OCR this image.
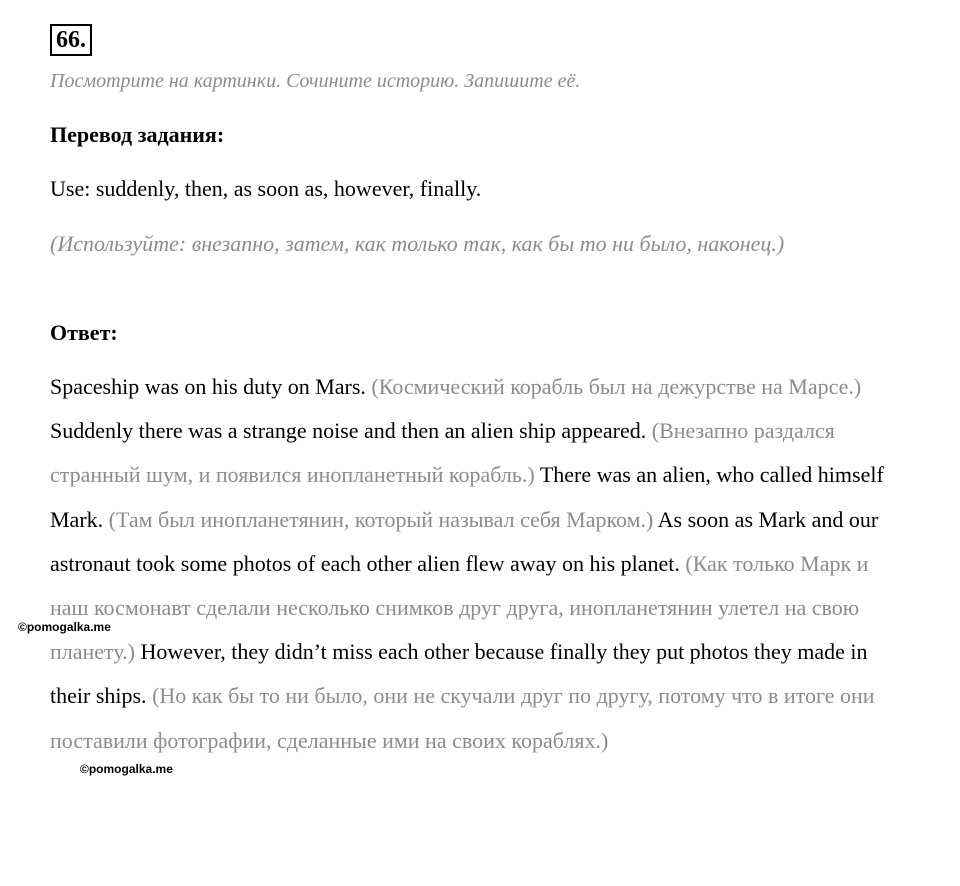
66.
Посмотрите на картинки. Сочините историю. Запишите её.
Перевод задания:
Use: suddenly, then, as soon as, however, finally.
(Используйте: внезапно, затем, как только так, как бы то ни было, наконец.)
Ответ:
Spaceship was on his duty on Mars. (Космический корабль был на дежурстве на Марсе.) Suddenly there was a strange noise and then an alien ship appeared. (Внезапно раздался странный шум, и появился инопланетный корабль.) There was an alien, who called himself Mark. (Там был инопланетянин, который называл себя Марком.) As soon as Mark and our astronaut took some photos of each other alien flew away on his planet. (Как только Марк и наш космонавт сделали несколько снимков друг друга, инопланетянин улетел на свою планету.) However, they didn’t miss each other because finally they put photos they made in their ships. (Но как бы то ни было, они не скучали друг по другу, потому что в итоге они поставили фотографии, сделанные ими на своих кораблях.)
©pomogalka.me
©pomogalka.me
